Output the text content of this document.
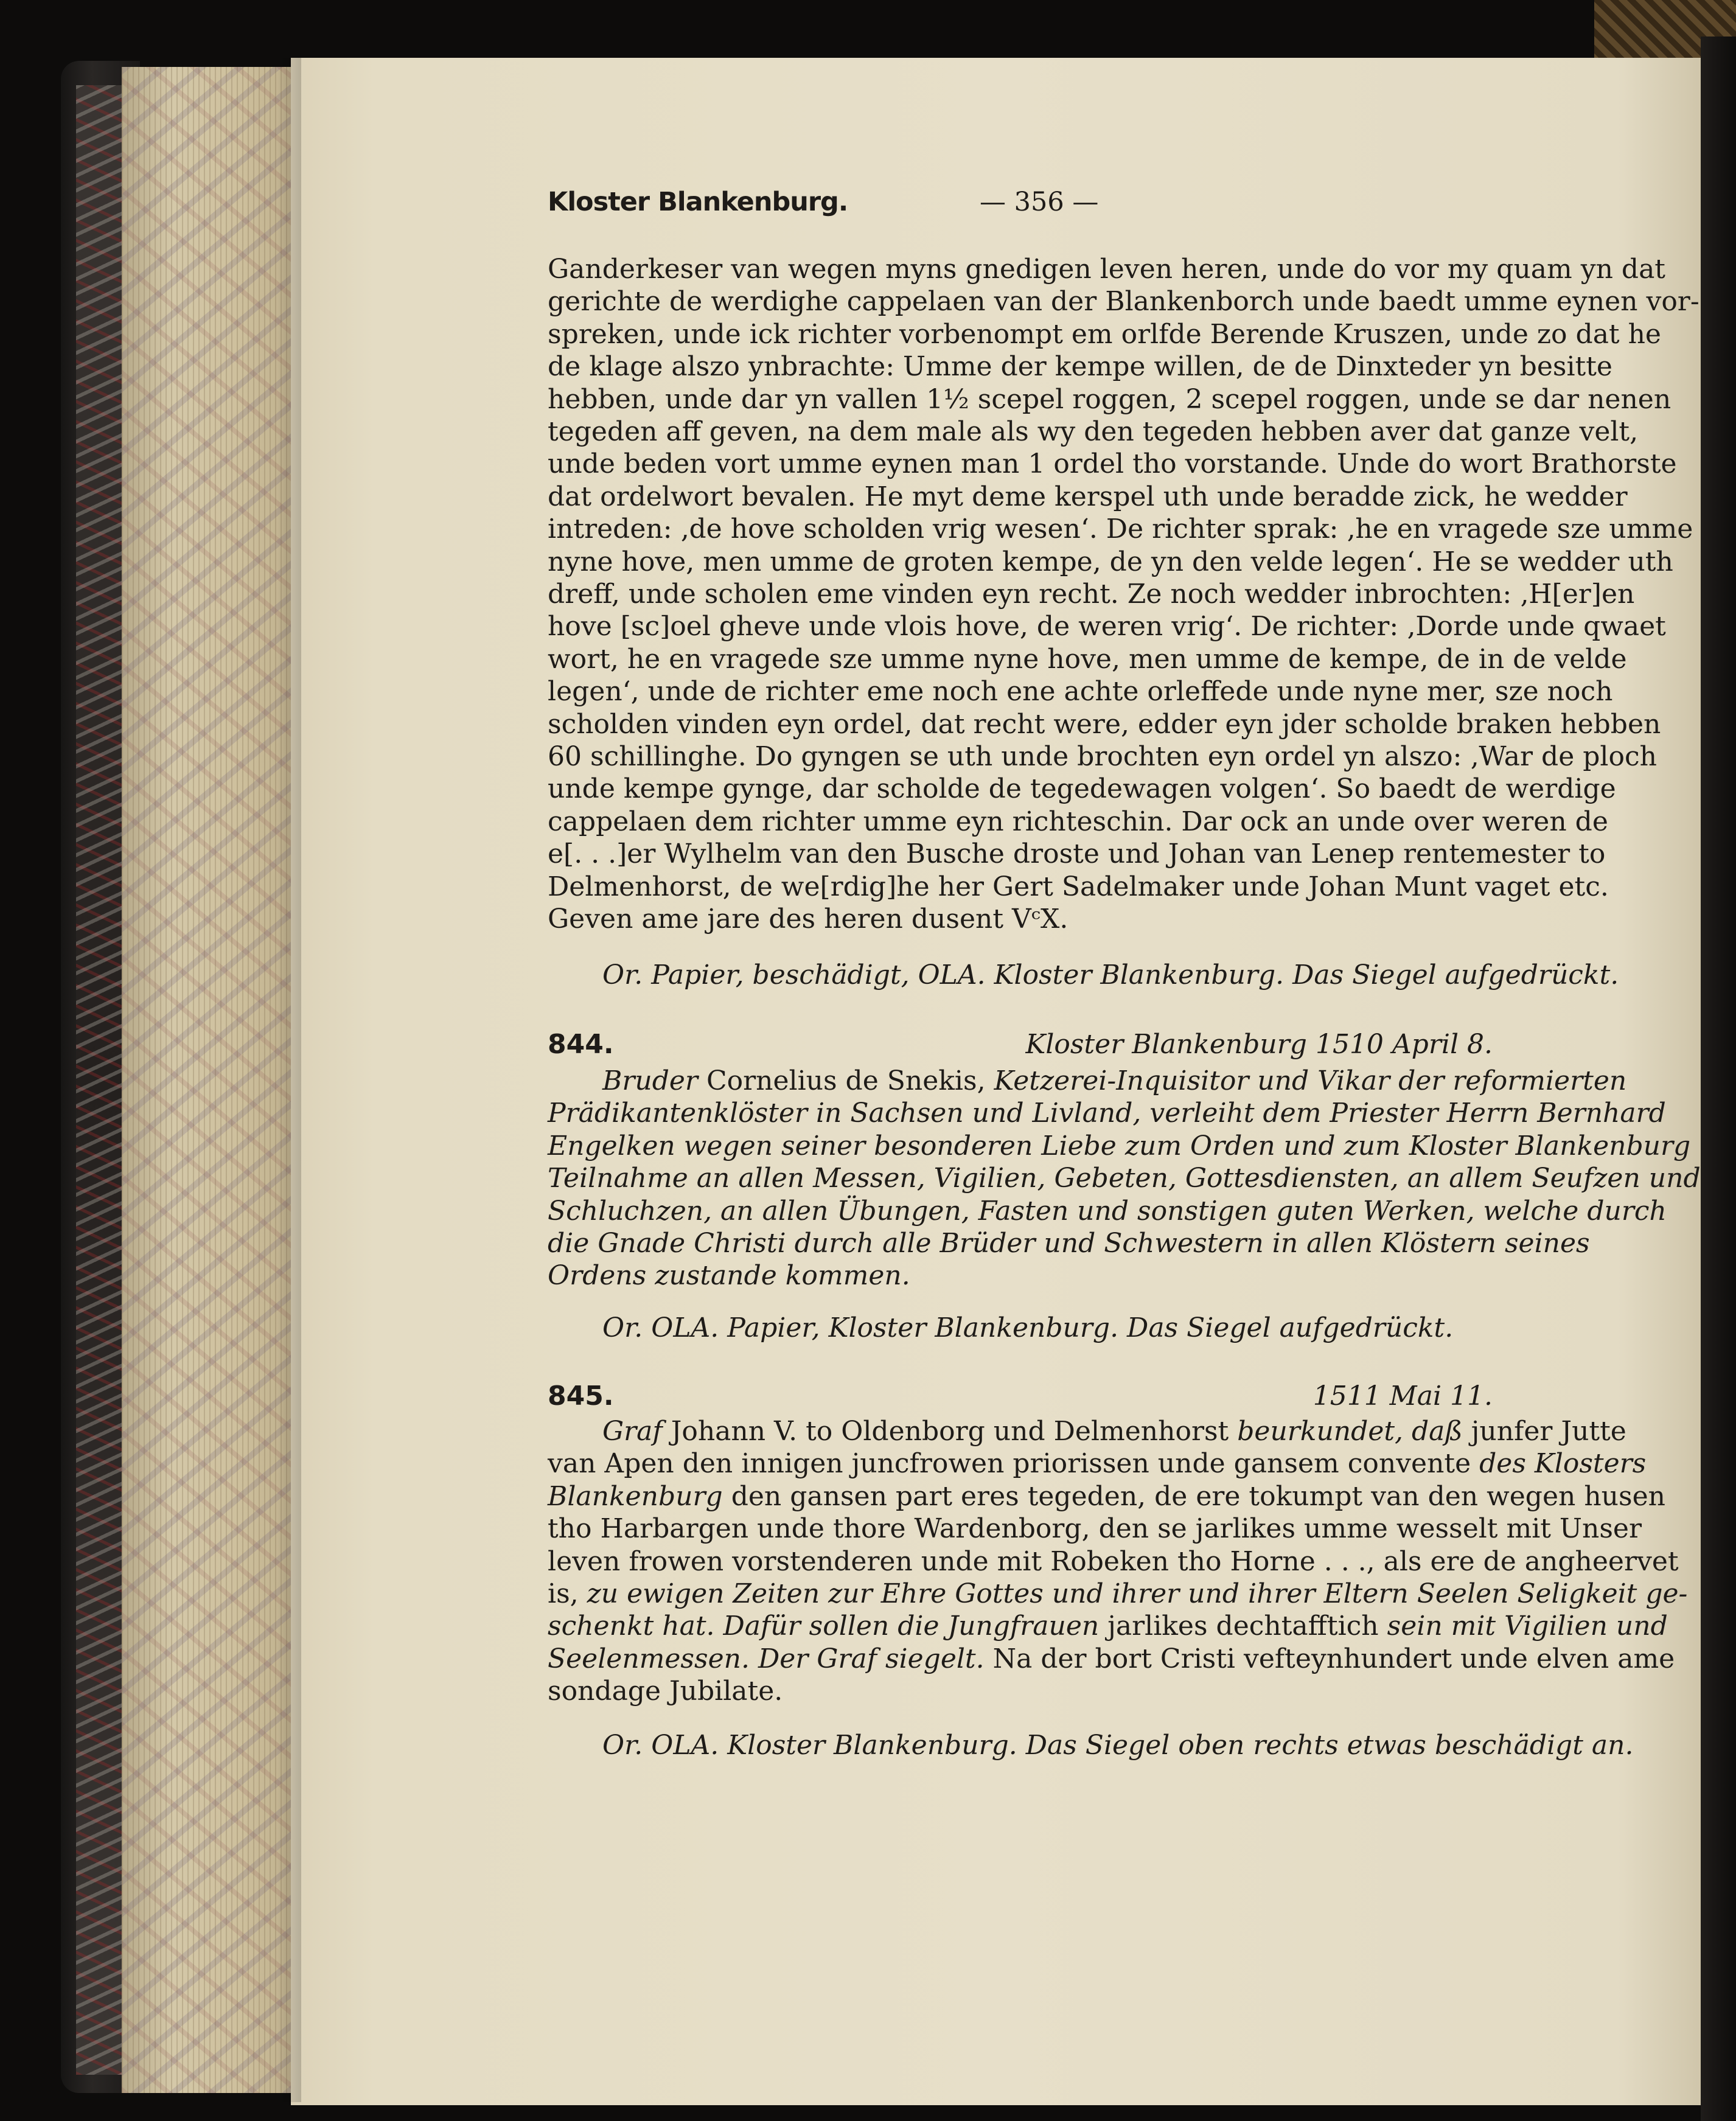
Kloster Blankenburg.	— 356 —
Ganderkeser van wegen myns gnedigen leven heren, unde do vor my quam yn dat
gerichte de werdighe cappelaen van der Blankenborch unde baedt umme eynen vor-
spreken, unde ick richter vorbenompt em orlfde Berende Kruszen, unde zo dat he
de klage alszo ynbrachte: Umme der kempe willen, de de Dinxteder yn besitte
hebben, unde dar yn vallen 1½ scepel roggen, 2 scepel roggen, unde se dar nenen
tegeden aff geven, na dem male als wy den tegeden hebben aver dat ganze velt,
unde beden vort umme eynen man 1 ordel tho vorstande. Unde do wort Brathorste
dat ordelwort bevalen. He myt deme kerspel uth unde beradde zick, he wedder
intreden: ‚de hove scholden vrig wesen‘. De richter sprak: ‚he en vragede sze umme
nyne hove, men umme de groten kempe, de yn den velde legen‘. He se wedder uth
dreff, unde scholen eme vinden eyn recht. Ze noch wedder inbrochten: ‚H[er]en
hove [sc]oel gheve unde vlois hove, de weren vrig‘. De richter: ‚Dorde unde qwaet
wort, he en vragede sze umme nyne hove, men umme de kempe, de in de velde
legen‘, unde de richter eme noch ene achte orleffede unde nyne mer, sze noch
scholden vinden eyn ordel, dat recht were, edder eyn jder scholde braken hebben
60 schillinghe. Do gyngen se uth unde brochten eyn ordel yn alszo: ‚War de ploch
unde kempe gynge, dar scholde de tegedewagen volgen‘. So baedt de werdige
cappelaen dem richter umme eyn richteschin. Dar ock an unde over weren de
e[. . .]er Wylhelm van den Busche droste und Johan van Lenep rentemester to
Delmenhorst, de we[rdig]he her Gert Sadelmaker unde Johan Munt vaget etc.
Geven ame jare des heren dusent VᶜX.
Or. Papier, beschädigt, OLA. Kloster Blankenburg. Das Siegel aufgedrückt.
844.	Kloster Blankenburg 1510 April 8.
Bruder Cornelius de Snekis, Ketzerei-Inquisitor und Vikar der reformierten
Prädikantenklöster in Sachsen und Livland, verleiht dem Priester Herrn Bernhard
Engelken wegen seiner besonderen Liebe zum Orden und zum Kloster Blankenburg
Teilnahme an allen Messen, Vigilien, Gebeten, Gottesdiensten, an allem Seufzen und
Schluchzen, an allen Übungen, Fasten und sonstigen guten Werken, welche durch
die Gnade Christi durch alle Brüder und Schwestern in allen Klöstern seines
Ordens zustande kommen.
Or. OLA. Papier, Kloster Blankenburg. Das Siegel aufgedrückt.
845.	1511 Mai 11.
Graf Johann V. to Oldenborg und Delmenhorst beurkundet, daß junfer Jutte
van Apen den innigen juncfrowen priorissen unde gansem convente des Klosters
Blankenburg den gansen part eres tegeden, de ere tokumpt van den wegen husen
tho Harbargen unde thore Wardenborg, den se jarlikes umme wesselt mit Unser
leven frowen vorstenderen unde mit Robeken tho Horne . . ., als ere de angheervet
is, zu ewigen Zeiten zur Ehre Gottes und ihrer und ihrer Eltern Seelen Seligkeit ge-
schenkt hat. Dafür sollen die Jungfrauen jarlikes dechtafftich sein mit Vigilien und
Seelenmessen. Der Graf siegelt. Na der bort Cristi vefteynhundert unde elven ame
sondage Jubilate.
Or. OLA. Kloster Blankenburg. Das Siegel oben rechts etwas beschädigt an.
